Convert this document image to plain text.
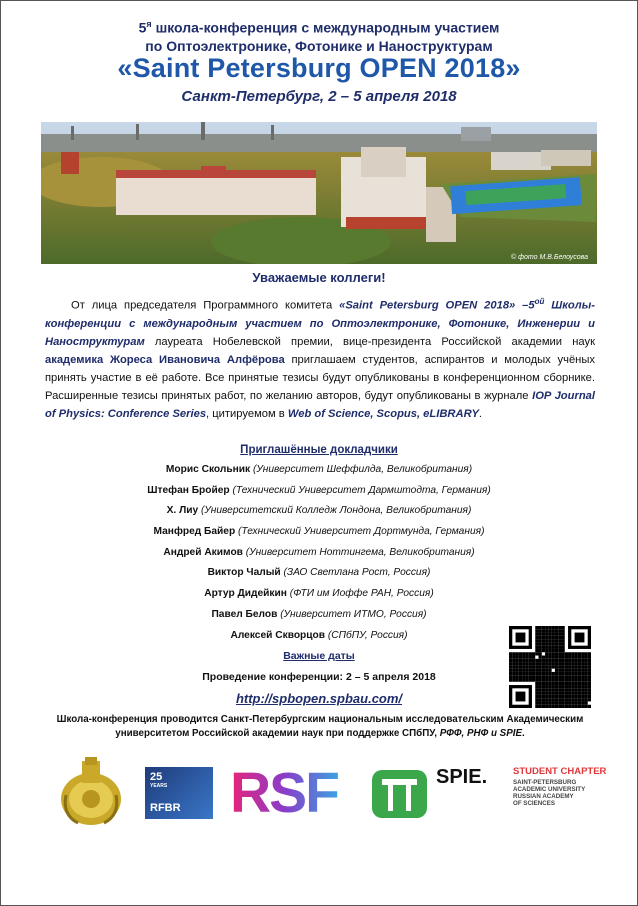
$5^я$ школа-конференция с международным участием
по Оптоэлектронике, Фотонике и Наноструктурам
«Saint Petersburg OPEN 2018»
Санкт-Петербург, 2 – 5 апреля 2018
© фото М.В.Белоусова
Уважаемые коллеги!
От лица председателя Программного комитета «Saint Petersburg OPEN 2018» $-5^{ой}$ Школы-конференции с международным участием по Оптоэлектронике, Фотонике, Инженерии и Наноструктурам лауреата Нобелевской премии, вице-президента Российской академии наук академика Жореса Ивановича Алфёрова приглашаем студентов, аспирантов и молодых учёных принять участие в её работе. Все принятые тезисы будут опубликованы в конференционном сборнике. Расширенные тезисы принятых работ, по желанию авторов, будут опубликованы в журнале IOP Journal of Physics: Conference Series, цитируемом в Web of Science, Scopus, eLIBRARY.
Приглашённые докладчики
Морис Скольник (Университет Шеффилда, Великобритания)
Штефан Бройер (Технический Университет Дармштодта, Германия)
Х. Лиу (Университетский Колледж Лондона, Великобритания)
Манфред Байер (Технический Университет Дортмунда, Германия)
Андрей Акимов (Университет Ноттингема, Великобритания)
Виктор Чалый (ЗАО Светлана Рост, Россия)
Артур Дидейкин (ФТИ им Иоффе РАН, Россия)
Павел Белов (Университет ИТМО, Россия)
Алексей Скворцов (СПбПУ, Россия)
Важные даты
Проведение конференции: 2 – 5 апреля 2018
http://spbopen.spbau.com/
Школа-конференция проводится Санкт-Петербургским национальным исследовательским Академическим университетом Российской академии наук при поддержке СПбПУ, РФФ, РНФ и SPIE.
25
YEARS
RFBR RSF	SPIE.	STUDENT CHAPTER
SAINT-PETERSBURG
ACADEMIC UNIVERSITY
RUSSIAN ACADEMY
OF SCIENCES
